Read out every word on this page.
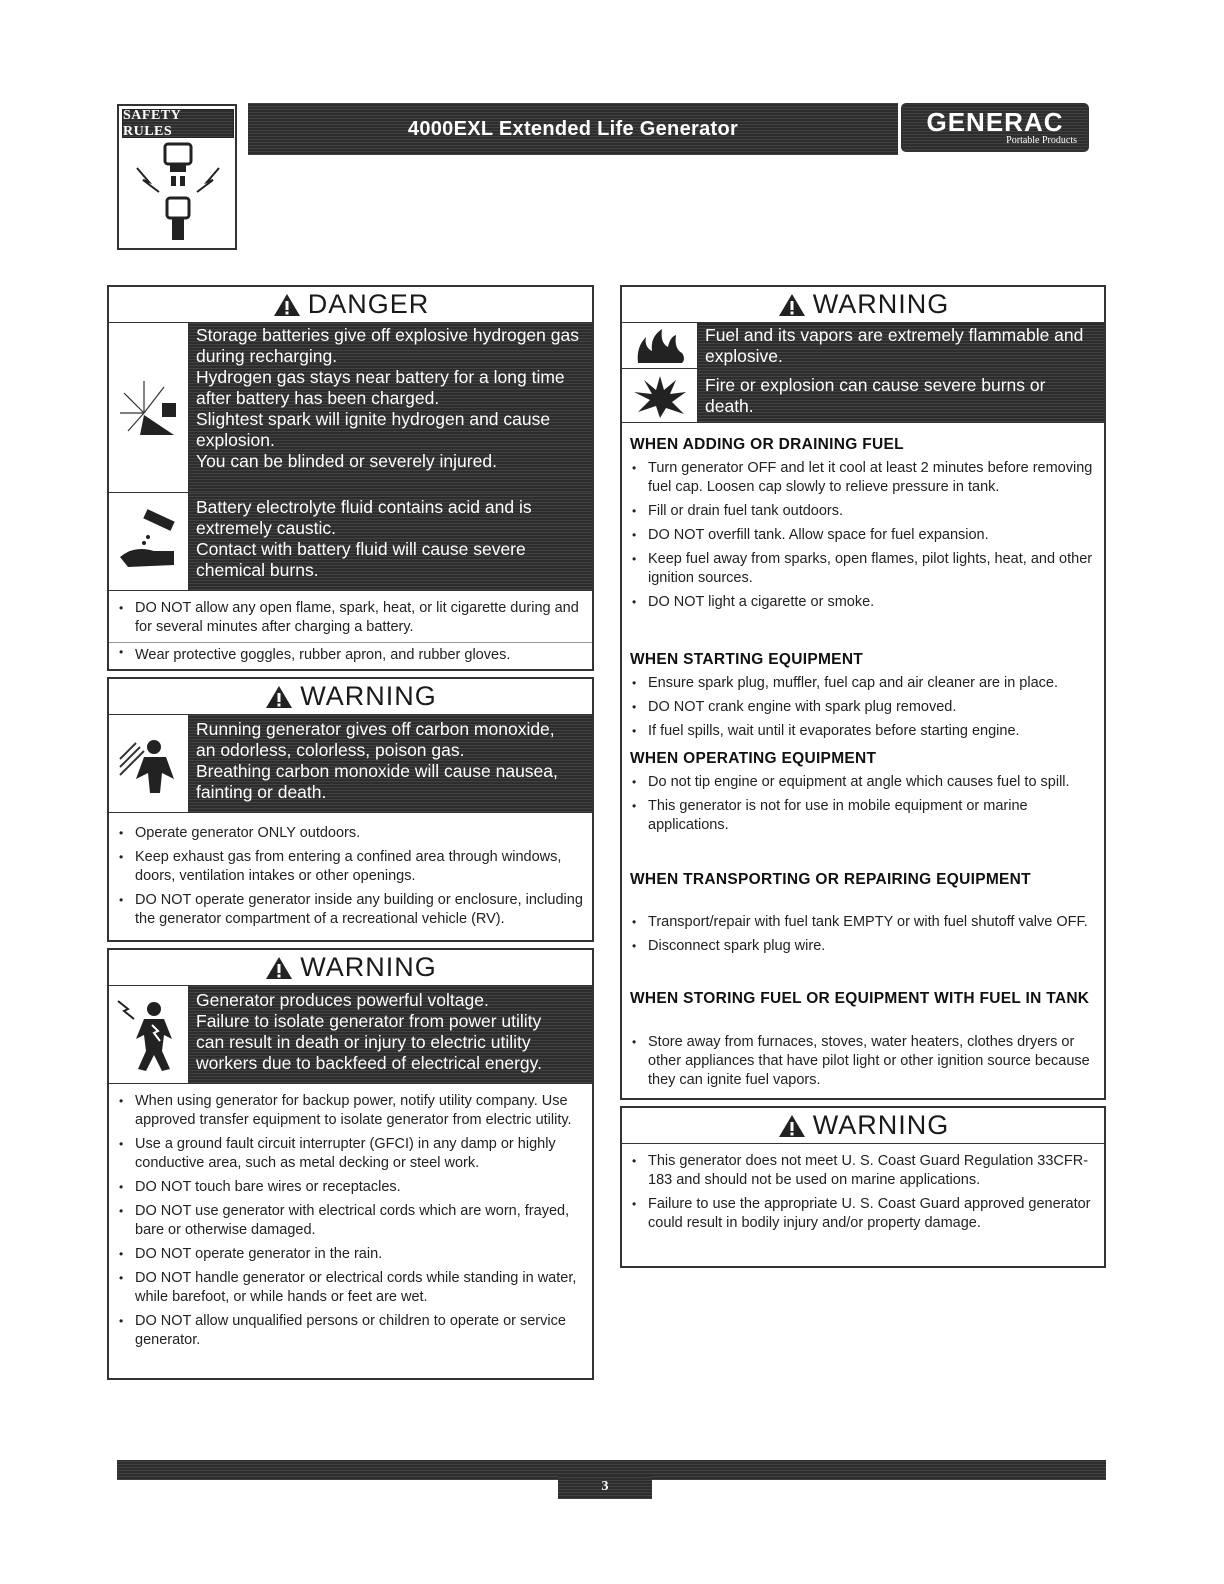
SAFETY RULES	4000EXL Extended Life Generator	GENERAC
Portable Products
DANGER
Storage batteries give off explosive hydrogen gas
during recharging.
Hydrogen gas stays near battery for a long time
after battery has been charged.
Slightest spark will ignite hydrogen and cause
explosion.
You can be blinded or severely injured.
Battery electrolyte fluid contains acid and is
extremely caustic.
Contact with battery fluid will cause severe
chemical burns.
• DO NOT allow any open flame, spark, heat, or lit cigarette during and for several minutes after charging a battery.
• Wear protective goggles, rubber apron, and rubber gloves.
WARNING
Running generator gives off carbon monoxide,
an odorless, colorless, poison gas.
Breathing carbon monoxide will cause nausea,
fainting or death.
• Operate generator ONLY outdoors.
• Keep exhaust gas from entering a confined area through windows, doors, ventilation intakes or other openings.
• DO NOT operate generator inside any building or enclosure, including the generator compartment of a recreational vehicle (RV).
WARNING
Generator produces powerful voltage.
Failure to isolate generator from power utility
can result in death or injury to electric utility
workers due to backfeed of electrical energy.
• When using generator for backup power, notify utility company. Use approved transfer equipment to isolate generator from electric utility.
• Use a ground fault circuit interrupter (GFCI) in any damp or highly conductive area, such as metal decking or steel work.
• DO NOT touch bare wires or receptacles.
• DO NOT use generator with electrical cords which are worn, frayed, bare or otherwise damaged.
• DO NOT operate generator in the rain.
• DO NOT handle generator or electrical cords while standing in water, while barefoot, or while hands or feet are wet.
• DO NOT allow unqualified persons or children to operate or service generator.
WARNING
Fuel and its vapors are extremely flammable and
explosive.
Fire or explosion can cause severe burns or
death.
WHEN ADDING OR DRAINING FUEL
• Turn generator OFF and let it cool at least 2 minutes before removing fuel cap. Loosen cap slowly to relieve pressure in tank.
• Fill or drain fuel tank outdoors.
• DO NOT overfill tank. Allow space for fuel expansion.
• Keep fuel away from sparks, open flames, pilot lights, heat, and other ignition sources.
• DO NOT light a cigarette or smoke.
WHEN STARTING EQUIPMENT
• Ensure spark plug, muffler, fuel cap and air cleaner are in place.
• DO NOT crank engine with spark plug removed.
• If fuel spills, wait until it evaporates before starting engine.
WHEN OPERATING EQUIPMENT
• Do not tip engine or equipment at angle which causes fuel to spill.
• This generator is not for use in mobile equipment or marine applications.
WHEN TRANSPORTING OR REPAIRING EQUIPMENT
• Transport/repair with fuel tank EMPTY or with fuel shutoff valve OFF.
• Disconnect spark plug wire.
WHEN STORING FUEL OR EQUIPMENT WITH FUEL IN TANK
• Store away from furnaces, stoves, water heaters, clothes dryers or other appliances that have pilot light or other ignition source because they can ignite fuel vapors.
WARNING
• This generator does not meet U. S. Coast Guard Regulation 33CFR-183 and should not be used on marine applications.
• Failure to use the appropriate U. S. Coast Guard approved generator could result in bodily injury and/or property damage.
3
